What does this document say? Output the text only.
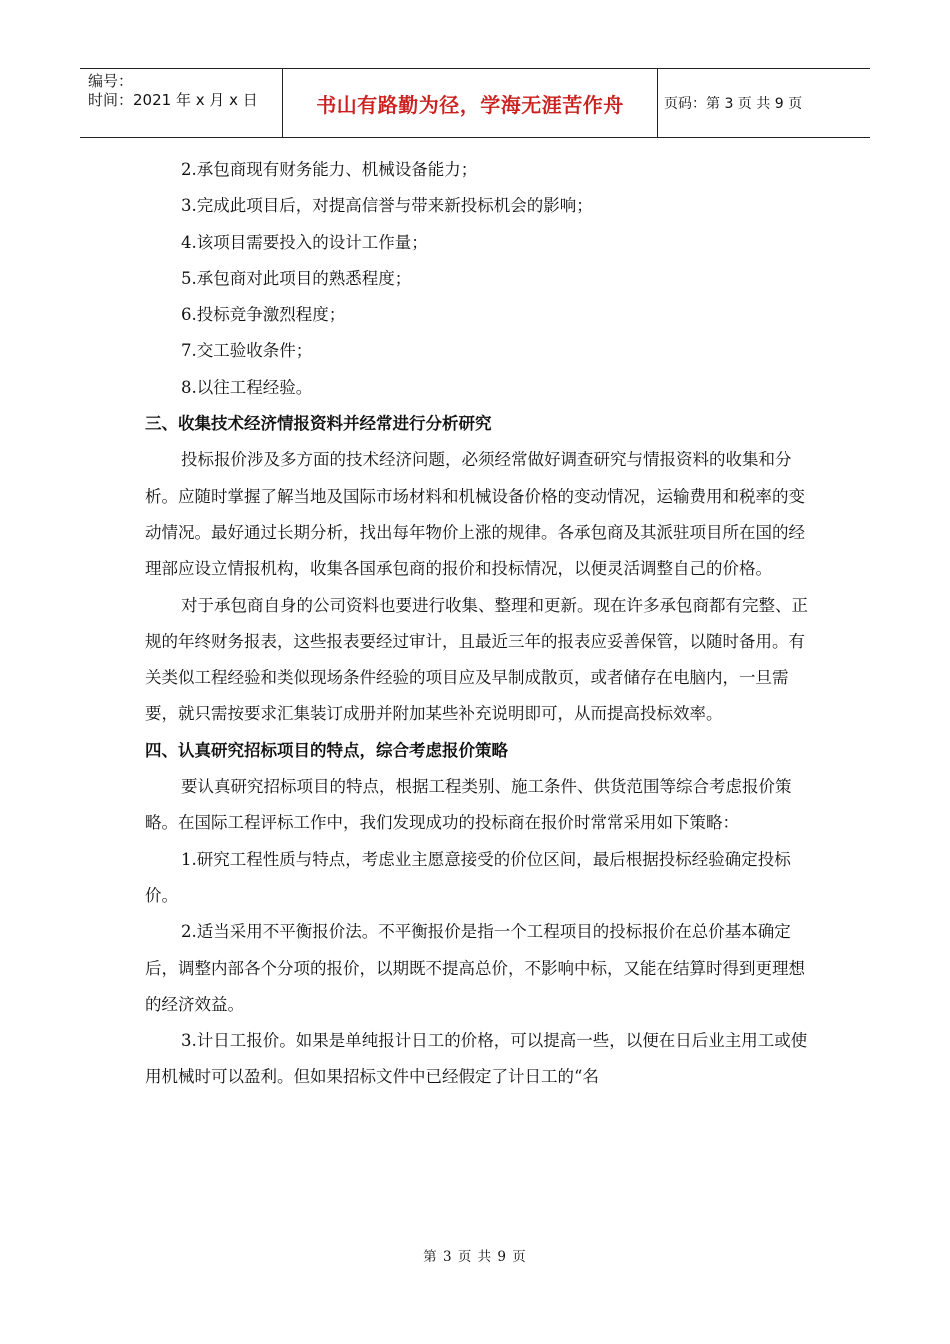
编号：
时间：2021 年 x 月 x 日	书山有路勤为径，学海无涯苦作舟	页码：第 3 页 共 9 页

2.承包商现有财务能力、机械设备能力；

3.完成此项目后，对提高信誉与带来新投标机会的影响；

4.该项目需要投入的设计工作量；

5.承包商对此项目的熟悉程度；

6.投标竞争激烈程度；

7.交工验收条件；

8.以往工程经验。

三、收集技术经济情报资料并经常进行分析研究

投标报价涉及多方面的技术经济问题，必须经常做好调查研究与情报资料的收集和分析。应随时掌握了解当地及国际市场材料和机械设备价格的变动情况，运输费用和税率的变动情况。最好通过长期分析，找出每年物价上涨的规律。各承包商及其派驻项目所在国的经理部应设立情报机构，收集各国承包商的报价和投标情况，以便灵活调整自己的价格。

对于承包商自身的公司资料也要进行收集、整理和更新。现在许多承包商都有完整、正规的年终财务报表，这些报表要经过审计，且最近三年的报表应妥善保管，以随时备用。有关类似工程经验和类似现场条件经验的项目应及早制成散页，或者储存在电脑内，一旦需要，就只需按要求汇集装订成册并附加某些补充说明即可，从而提高投标效率。

四、认真研究招标项目的特点，综合考虑报价策略

要认真研究招标项目的特点，根据工程类别、施工条件、供货范围等综合考虑报价策略。在国际工程评标工作中，我们发现成功的投标商在报价时常常采用如下策略：

1.研究工程性质与特点，考虑业主愿意接受的价位区间，最后根据投标经验确定投标价。

2.适当采用不平衡报价法。不平衡报价是指一个工程项目的投标报价在总价基本确定后，调整内部各个分项的报价，以期既不提高总价，不影响中标，又能在结算时得到更理想的经济效益。

3.计日工报价。如果是单纯报计日工的价格，可以提高一些，以便在日后业主用工或使用机械时可以盈利。但如果招标文件中已经假定了计日工的“名

第 3 页 共 9 页
